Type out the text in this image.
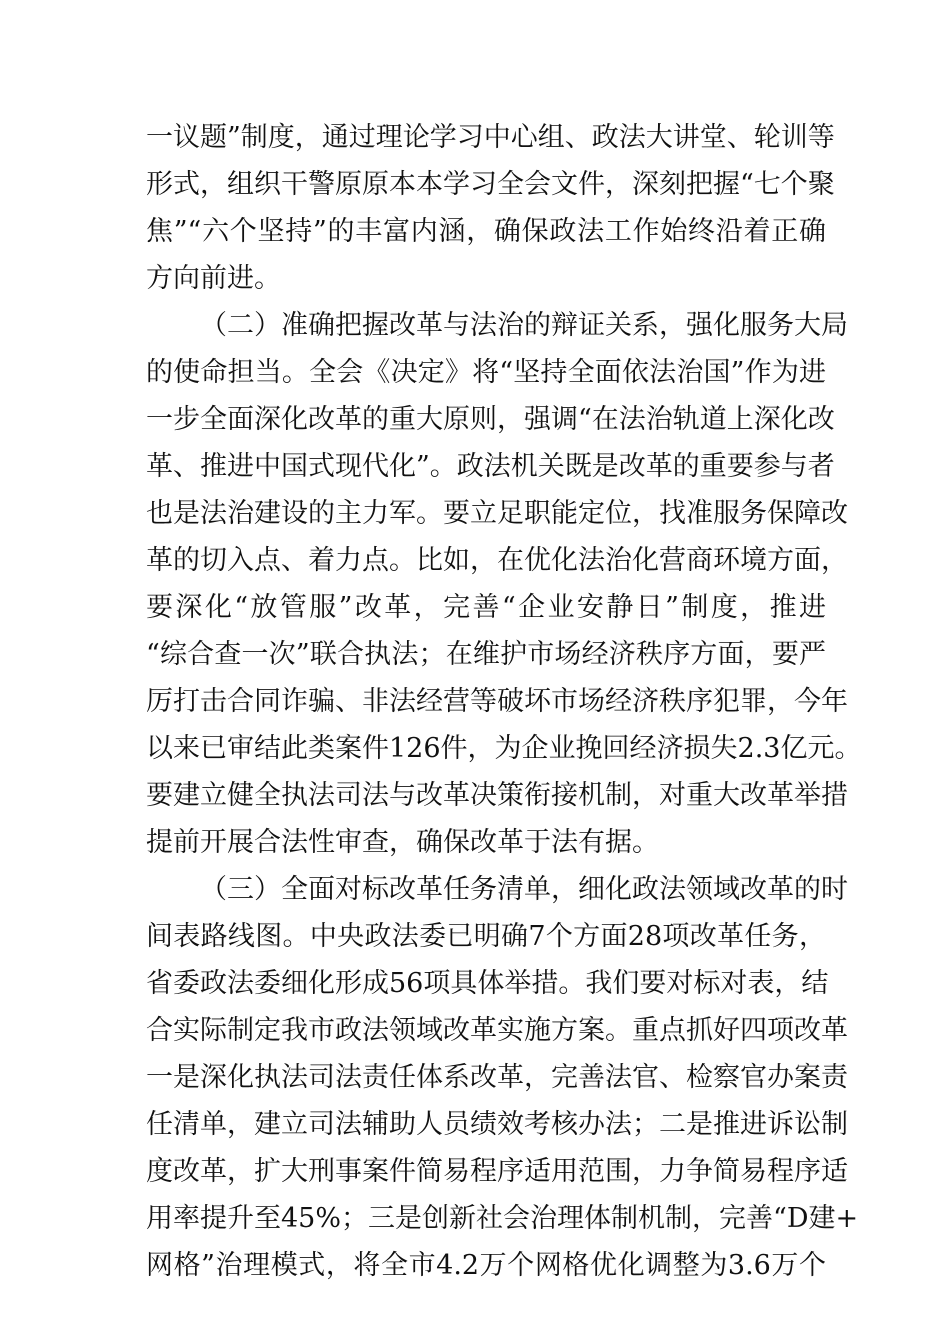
一议题”制度，通过理论学习中心组、政法大讲堂、轮训等
形式，组织干警原原本本学习全会文件，深刻把握“七个聚
焦”“六个坚持”的丰富内涵，确保政法工作始终沿着正确
方向前进。
（二）准确把握改革与法治的辩证关系，强化服务大局
的使命担当。全会《决定》将“坚持全面依法治国”作为进
一步全面深化改革的重大原则，强调“在法治轨道上深化改
革、推进中国式现代化”。政法机关既是改革的重要参与者
也是法治建设的主力军。要立足职能定位，找准服务保障改
革的切入点、着力点。比如，在优化法治化营商环境方面，
要深化“放管服”改革，完善“企业安静日”制度，推进
“综合查一次”联合执法；在维护市场经济秩序方面，要严
厉打击合同诈骗、非法经营等破坏市场经济秩序犯罪，今年
以来已审结此类案件126件，为企业挽回经济损失2.3亿元。
要建立健全执法司法与改革决策衔接机制，对重大改革举措
提前开展合法性审查，确保改革于法有据。
（三）全面对标改革任务清单，细化政法领域改革的时
间表路线图。中央政法委已明确7个方面28项改革任务，
省委政法委细化形成56项具体举措。我们要对标对表，结
合实际制定我市政法领域改革实施方案。重点抓好四项改革
一是深化执法司法责任体系改革，完善法官、检察官办案责
任清单，建立司法辅助人员绩效考核办法；二是推进诉讼制
度改革，扩大刑事案件简易程序适用范围，力争简易程序适
用率提升至45%；三是创新社会治理体制机制，完善“D建+
网格”治理模式，将全市4.2万个网格优化调整为3.6万个
